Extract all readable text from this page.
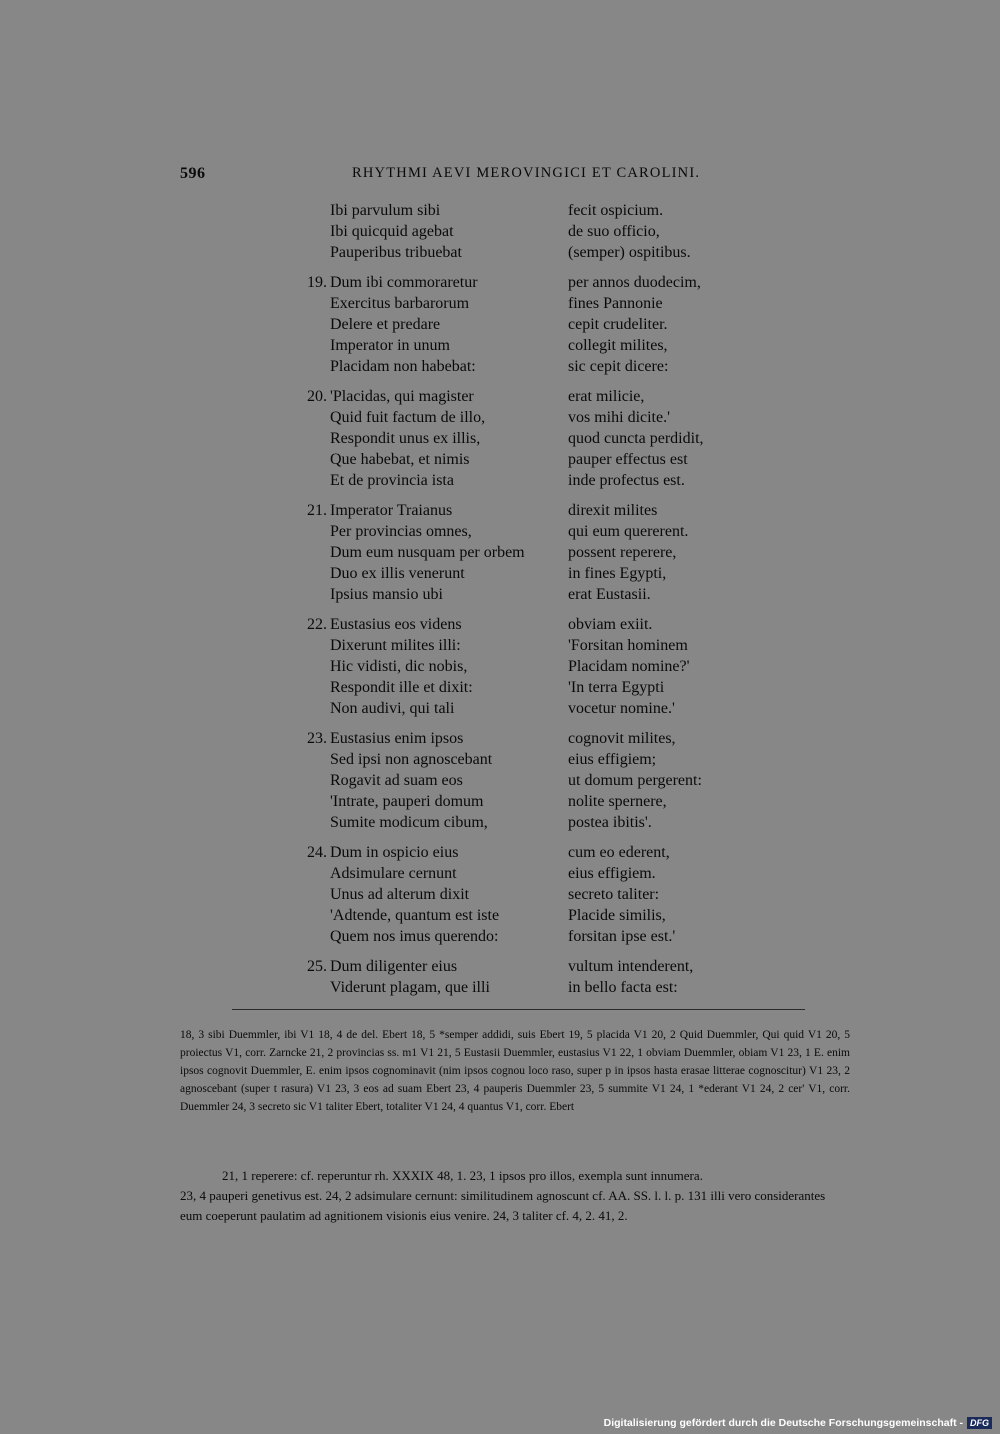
596	RHYTHMI AEVI MEROVINGICI ET CAROLINI.
Ibi parvulum sibi	fecit ospicium.
Ibi quicquid agebat	de suo officio,
Pauperibus tribuebat	(semper) ospitibus.
19. Dum ibi commoraretur	per annos duodecim,
Exercitus barbarorum	fines Pannonie
Delere et predare	cepit crudeliter.
Imperator in unum	collegit milites,
Placidam non habebat:	sic cepit dicere:
20. 'Placidas, qui magister	erat milicie,
Quid fuit factum de illo,	vos mihi dicite.'
Respondit unus ex illis,	quod cuncta perdidit,
Que habebat, et nimis	pauper effectus est
Et de provincia ista	inde profectus est.
21. Imperator Traianus	direxit milites
Per provincias omnes,	qui eum quererent.
Dum eum nusquam per orbem	possent reperere,
Duo ex illis venerunt	in fines Egypti,
Ipsius mansio ubi	erat Eustasii.
22. Eustasius eos videns	obviam exiit.
Dixerunt milites illi:	'Forsitan hominem
Hic vidisti, dic nobis,	Placidam nomine?'
Respondit ille et dixit:	'In terra Egypti
Non audivi, qui tali	vocetur nomine.'
23. Eustasius enim ipsos	cognovit milites,
Sed ipsi non agnoscebant	eius effigiem;
Rogavit ad suam eos	ut domum pergerent:
'Intrate, pauperi domum	nolite spernere,
Sumite modicum cibum,	postea ibitis'.
24. Dum in ospicio eius	cum eo ederent,
Adsimulare cernunt	eius effigiem.
Unus ad alterum dixit	secreto taliter:
'Adtende, quantum est iste	Placide similis,
Quem nos imus querendo:	forsitan ipse est.'
25. Dum diligenter eius	vultum intenderent,
Viderunt plagam, que illi	in bello facta est:
18, 3 sibi Duemmler, ibi V1 18, 4 de del. Ebert 18, 5 *semper addidi, suis Ebert 19, 5 placida V1 20, 2 Quid Duemmler, Qui quid V1 20, 5 proiectus V1, corr. Zarncke 21, 2 provincias ss. m1 V1 21, 5 Eustasii Duemmler, eustasius V1 22, 1 obviam Duemmler, obiam V1 23, 1 E. enim ipsos cognovit Duemmler, E. enim ipsos cognominavit (nim ipsos cognou loco raso, super p in ipsos hasta erasae litterae cognoscitur) V1 23, 2 agnoscebant (super t rasura) V1 23, 3 eos ad suam Ebert 23, 4 pauperis Duemmler 23, 5 summite V1 24, 1 *ederant V1 24, 2 cer' V1, corr. Duemmler 24, 3 secreto sic V1 taliter Ebert, totaliter V1 24, 4 quantus V1, corr. Ebert

21, 1 reperere: cf. reperuntur rh. XXXIX 48, 1. 23, 1 ipsos pro illos, exempla sunt innumera.

23, 4 pauperi genetivus est. 24, 2 adsimulare cernunt: similitudinem agnoscunt cf. AA. SS. l. l. p. 131 illi vero considerantes eum coeperunt paulatim ad agnitionem visionis eius venire. 24, 3 taliter cf. 4, 2. 41, 2.

Digitalisierung gefördert durch die Deutsche Forschungsgemeinschaft - DFG
